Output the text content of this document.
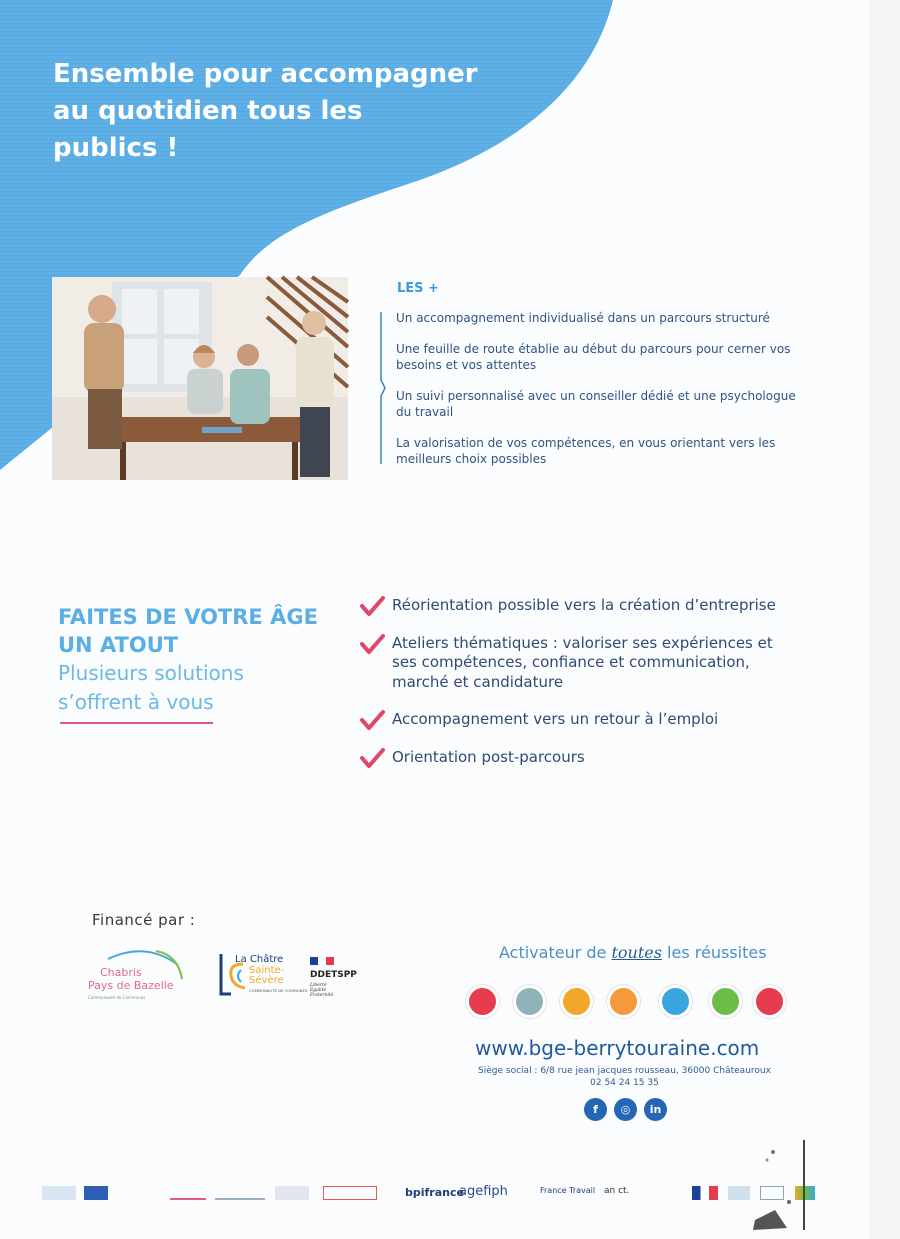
Ensemble pour accompagner
au quotidien tous les
publics !
LES +
Un accompagnement individualisé dans un parcours structuré
Une feuille de route établie au début du parcours pour cerner vos besoins et vos attentes
Un suivi personnalisé avec un conseiller dédié et une psychologue du travail
La valorisation de vos compétences, en vous orientant vers les meilleurs choix possibles
FAITES DE VOTRE ÂGE
UN ATOUT
Plusieurs solutions
s’offrent à vous
Réorientation possible vers la création d’entreprise
Ateliers thématiques : valoriser ses expériences et ses compétences, confiance et communication, marché et candidature
Accompagnement vers un retour à l’emploi
Orientation post-parcours
Financé par :
Chabris
Pays de Bazelle
Communauté de Communes
La Châtre
Sainte-
Sévère
COMMUNAUTÉ DE COMMUNES
DDETSPP
Liberté
Égalité
Fraternité
Activateur de toutes les réussites
www.bge-berrytouraine.com
Siège social : 6/8 rue jean jacques rousseau, 36000 Châteauroux
02 54 24 15 35
f	◎	in
bpifrance
agefiph	France Travail an ct.
